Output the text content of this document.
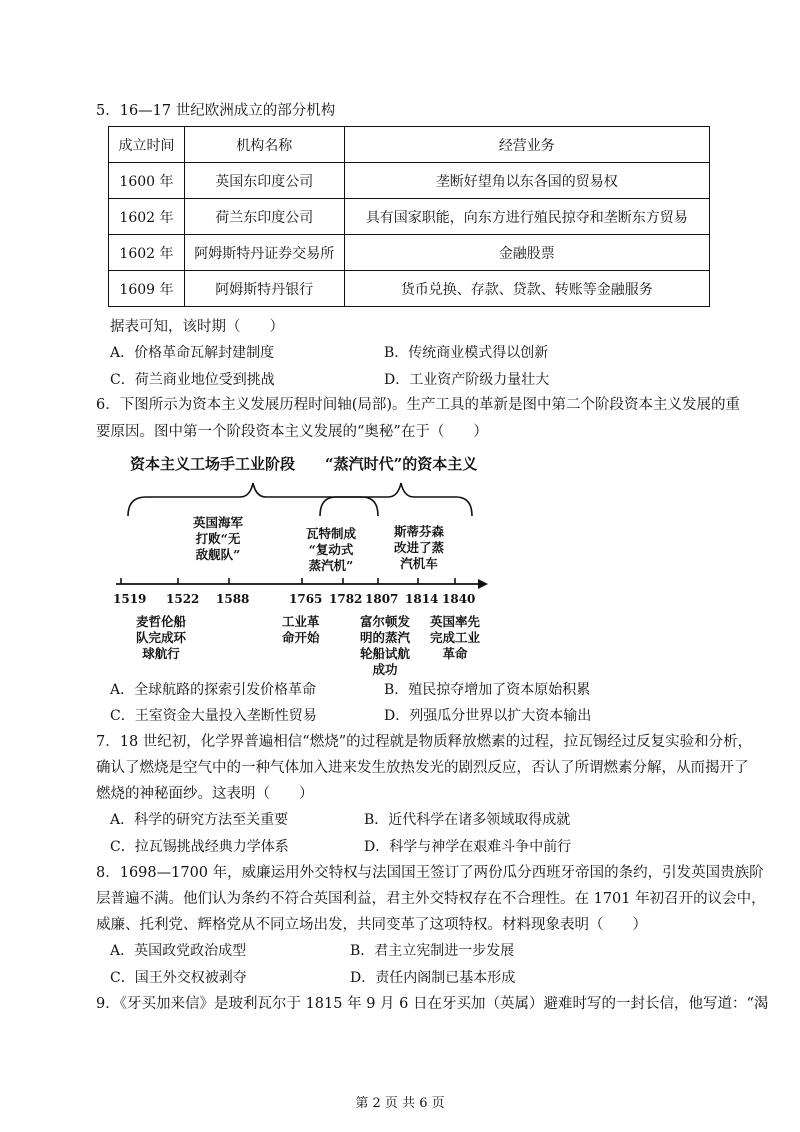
5．16—17 世纪欧洲成立的部分机构
成立时间	机构名称	经营业务
1600 年	英国东印度公司	垄断好望角以东各国的贸易权
1602 年	荷兰东印度公司	具有国家职能，向东方进行殖民掠夺和垄断东方贸易
1602 年	阿姆斯特丹证券交易所	金融股票
1609 年	阿姆斯特丹银行	货币兑换、存款、贷款、转账等金融服务
据表可知，该时期（　　）
A．价格革命瓦解封建制度	B．传统商业模式得以创新
C．荷兰商业地位受到挑战	D．工业资产阶级力量壮大
6．下图所示为资本主义发展历程时间轴(局部)。生产工具的革新是图中第二个阶段资本主义发展的重
要原因。图中第一个阶段资本主义发展的“奥秘”在于（　　）
资本主义工场手工业阶段 “蒸汽时代”的资本主义
1519 1522 1588	1765 1782 1807 1814 1840
英国海军
打败“无
敌舰队”
瓦特制成
“复动式
蒸汽机”
斯蒂芬森
改进了蒸
汽机车
麦哲伦船
队完成环
球航行
工业革
命开始
富尔顿发
明的蒸汽
轮船试航
成功
英国率先
完成工业
革命
A．全球航路的探索引发价格革命	B．殖民掠夺增加了资本原始积累
C．王室资金大量投入垄断性贸易	D．列强瓜分世界以扩大资本输出
7．18 世纪初，化学界普遍相信“燃烧”的过程就是物质释放燃素的过程，拉瓦锡经过反复实验和分析，
确认了燃烧是空气中的一种气体加入进来发生放热发光的剧烈反应，否认了所谓燃素分解，从而揭开了
燃烧的神秘面纱。这表明（　　）
A．科学的研究方法至关重要	B．近代科学在诸多领域取得成就
C．拉瓦锡挑战经典力学体系	D．科学与神学在艰难斗争中前行
8．1698—1700 年，威廉运用外交特权与法国国王签订了两份瓜分西班牙帝国的条约，引发英国贵族阶
层普遍不满。他们认为条约不符合英国利益，君主外交特权存在不合理性。在 1701 年初召开的议会中，
威廉、托利党、辉格党从不同立场出发，共同变革了这项特权。材料现象表明（　　）
A．英国政党政治成型	B．君主立宪制进一步发展
C．国王外交权被剥夺	D．责任内阁制已基本形成
9．《牙买加来信》是玻利瓦尔于 1815 年 9 月 6 日在牙买加（英属）避难时写的一封长信，他写道：“渴
第 2 页 共 6 页
